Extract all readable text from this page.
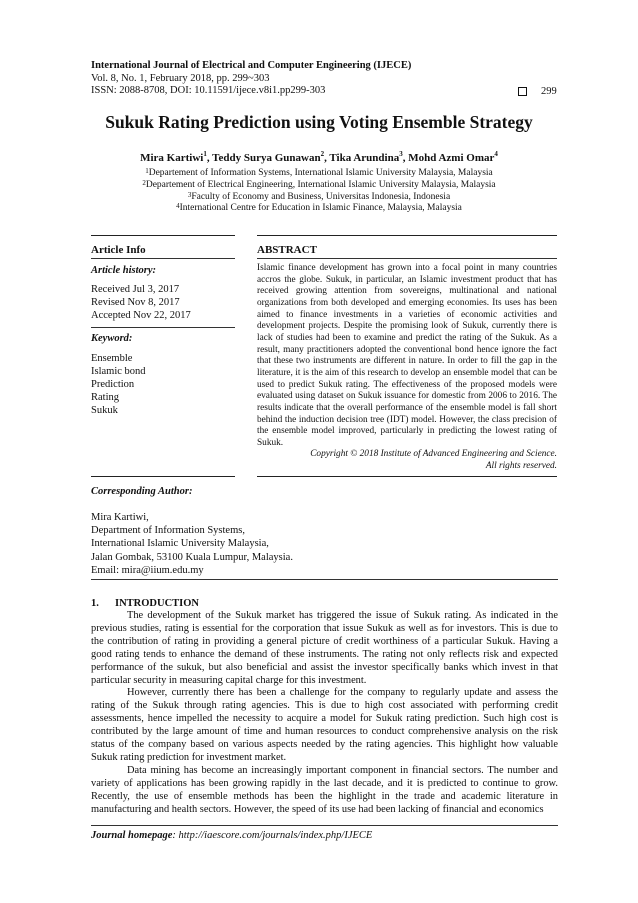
International Journal of Electrical and Computer Engineering (IJECE)
Vol. 8, No. 1, February 2018, pp. 299~303
ISSN: 2088-8708, DOI: 10.11591/ijece.v8i1.pp299-303	299
Sukuk Rating Prediction using Voting Ensemble Strategy
Mira Kartiwi$^1$, Teddy Surya Gunawan$^2$, Tika Arundina$^3$, Mohd Azmi Omar$^4$
$^1$Departement of Information Systems, International Islamic University Malaysia, Malaysia
$^2$Departement of Electrical Engineering, International Islamic University Malaysia, Malaysia
$^3$Faculty of Economy and Business, Universitas Indonesia, Indonesia
$^4$International Centre for Education in Islamic Finance, Malaysia, Malaysia
Article Info	ABSTRACT
Article history:
Received Jul 3, 2017
Revised Nov 8, 2017
Accepted Nov 22, 2017
Keyword:
Ensemble
Islamic bond
Prediction
Rating
Sukuk
Islamic finance development has grown into a focal point in many countries accros the globe. Sukuk, in particular, an Islamic investment product that has received growing attention from sovereigns, multinational and national organizations from both developed and emerging economies. Its uses has been aimed to finance investments in a varieties of economic activities and development projects. Despite the promising look of Sukuk, currently there is lack of studies had been to examine and predict the rating of the Sukuk. As a result, many practitioners adopted the conventional bond hence ignore the fact that these two instruments are different in nature. In order to fill the gap in the literature, it is the aim of this research to develop an ensemble model that can be used to predict Sukuk rating. The effectiveness of the proposed models were evaluated using dataset on Sukuk issuance for domestic from 2006 to 2016. The results indicate that the overall performance of the ensemble model is fall short behind the induction decision tree (IDT) model. However, the class precision of the ensemble model improved, particularly in predicting the lowest rating of Sukuk.
Copyright © 2018 Institute of Advanced Engineering and Science.
All rights reserved.
Corresponding Author:
Mira Kartiwi,
Department of Information Systems,
International Islamic University Malaysia,
Jalan Gombak, 53100 Kuala Lumpur, Malaysia.
Email: mira@iium.edu.my
1. INTRODUCTION

The development of the Sukuk market has triggered the issue of Sukuk rating. As indicated in the previous studies, rating is essential for the corporation that issue Sukuk as well as for investors. This is due to the contribution of rating in providing a general picture of credit worthiness of a particular Sukuk. Having a good rating tends to enhance the demand of these instruments. The rating not only reflects risk and expected performance of the sukuk, but also beneficial and assist the investor specifically banks which invest in that particular security in measuring capital charge for this investment.

However, currently there has been a challenge for the company to regularly update and assess the rating of the Sukuk through rating agencies. This is due to high cost associated with performing credit assessments, hence impelled the necessity to acquire a model for Sukuk rating prediction. Such high cost is contributed by the large amount of time and human resources to conduct comprehensive analysis on the risk status of the company based on various aspects needed by the rating agencies. This highlight how valuable Sukuk rating prediction for investment market.

Data mining has become an increasingly important component in financial sectors. The number and variety of applications has been growing rapidly in the last decade, and it is predicted to continue to grow. Recently, the use of ensemble methods has been the highlight in the trade and academic literature in manufacturing and health sectors. However, the speed of its use had been lacking of financial and economics

Journal homepage: http://iaescore.com/journals/index.php/IJECE
